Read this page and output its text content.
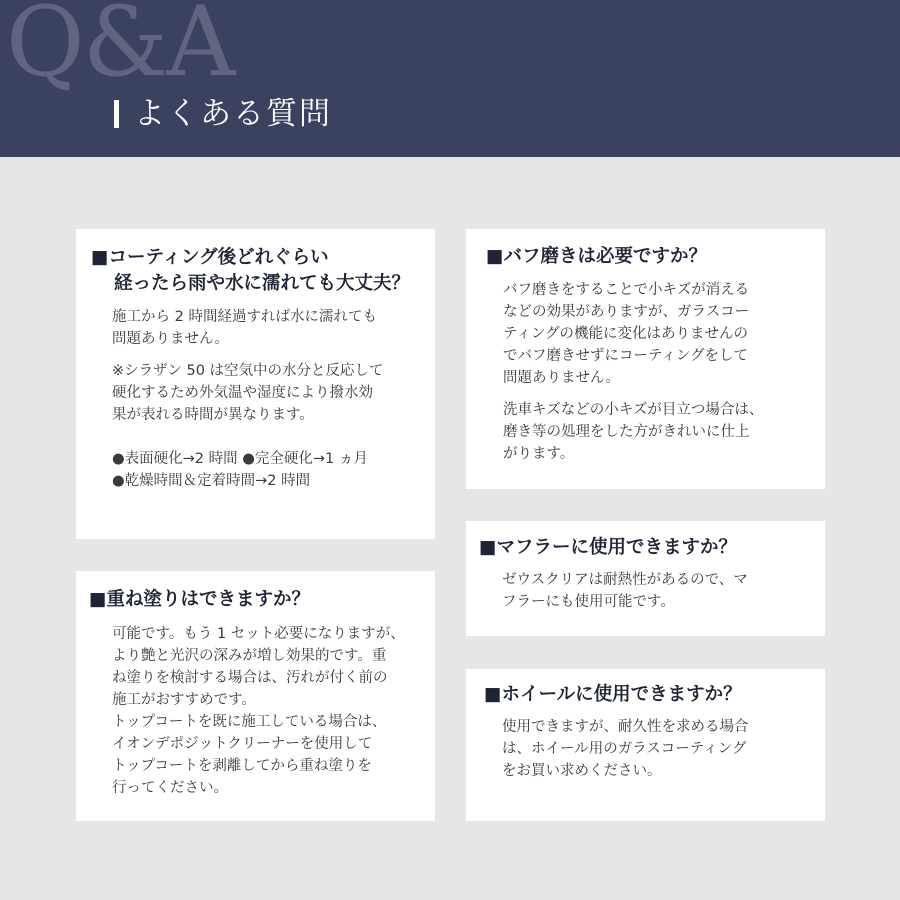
Q&A
よくある質問
■コーティング後どれぐらい
経ったら雨や水に濡れても大丈夫？

施工から 2 時間経過すれば水に濡れても
問題ありません。

※シラザン 50 は空気中の水分と反応して
硬化するため外気温や湿度により撥水効
果が表れる時間が異なります。

●表面硬化→2 時間 ●完全硬化→1 ヵ月
●乾燥時間＆定着時間→2 時間

■バフ磨きは必要ですか？

バフ磨きをすることで小キズが消える
などの効果がありますが、ガラスコー
ティングの機能に変化はありませんの
でバフ磨きせずにコーティングをして
問題ありません。

洗車キズなどの小キズが目立つ場合は、
磨き等の処理をした方がきれいに仕上
がります。

■マフラーに使用できますか？

ゼウスクリアは耐熱性があるので、マ
フラーにも使用可能です。

■重ね塗りはできますか？

可能です。もう 1 セット必要になりますが、
より艶と光沢の深みが増し効果的です。重
ね塗りを検討する場合は、汚れが付く前の
施工がおすすめです。
トップコートを既に施工している場合は、
イオンデポジットクリーナーを使用して
トップコートを剥離してから重ね塗りを
行ってください。

■ホイールに使用できますか？

使用できますが、耐久性を求める場合
は、ホイール用のガラスコーティング
をお買い求めください。
